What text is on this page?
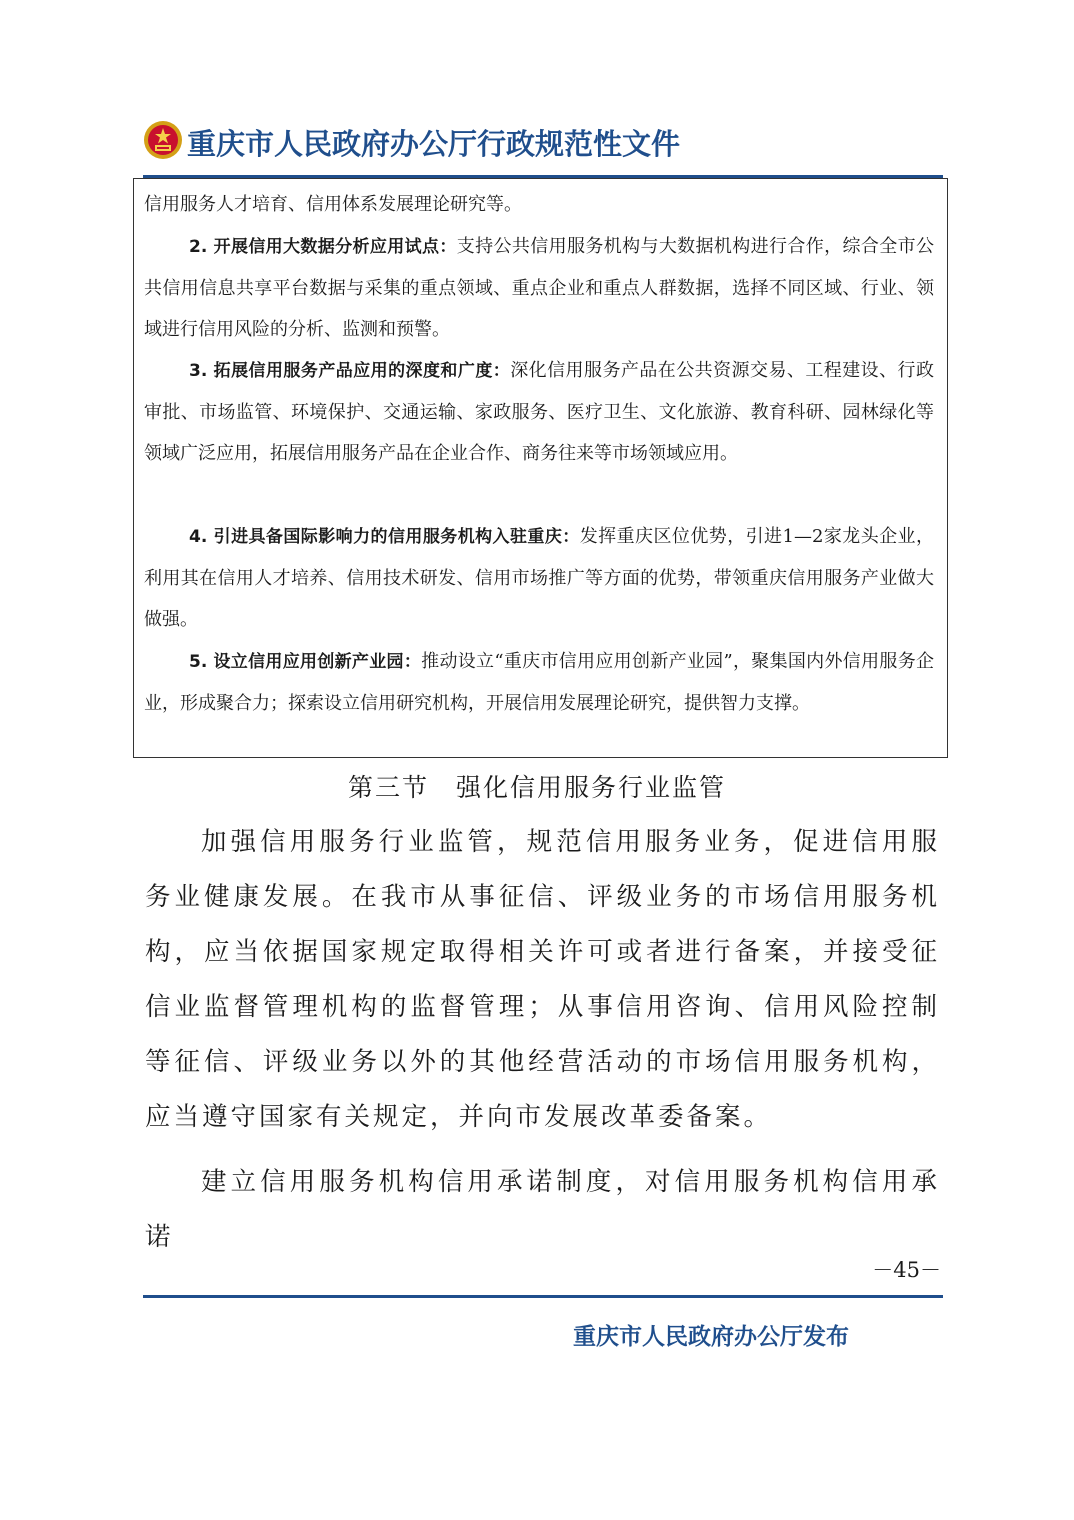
重庆市人民政府办公厅行政规范性文件

信用服务人才培育、信用体系发展理论研究等。

2. 开展信用大数据分析应用试点：支持公共信用服务机构与大数据机构进行合作，综合全市公共信用信息共享平台数据与采集的重点领域、重点企业和重点人群数据，选择不同区域、行业、领域进行信用风险的分析、监测和预警。

3. 拓展信用服务产品应用的深度和广度：深化信用服务产品在公共资源交易、工程建设、行政审批、市场监管、环境保护、交通运输、家政服务、医疗卫生、文化旅游、教育科研、园林绿化等领域广泛应用，拓展信用服务产品在企业合作、商务往来等市场领域应用。

4. 引进具备国际影响力的信用服务机构入驻重庆：发挥重庆区位优势，引进1—2家龙头企业，利用其在信用人才培养、信用技术研发、信用市场推广等方面的优势，带领重庆信用服务产业做大做强。

5. 设立信用应用创新产业园：推动设立“重庆市信用应用创新产业园”，聚集国内外信用服务企业，形成聚合力；探索设立信用研究机构，开展信用发展理论研究，提供智力支撑。

第三节　强化信用服务行业监管

加强信用服务行业监管，规范信用服务业务，促进信用服务业健康发展。在我市从事征信、评级业务的市场信用服务机构，应当依据国家规定取得相关许可或者进行备案，并接受征信业监督管理机构的监督管理；从事信用咨询、信用风险控制等征信、评级业务以外的其他经营活动的市场信用服务机构，应当遵守国家有关规定，并向市发展改革委备案。

建立信用服务机构信用承诺制度，对信用服务机构信用承诺

－45－
重庆市人民政府办公厅发布
